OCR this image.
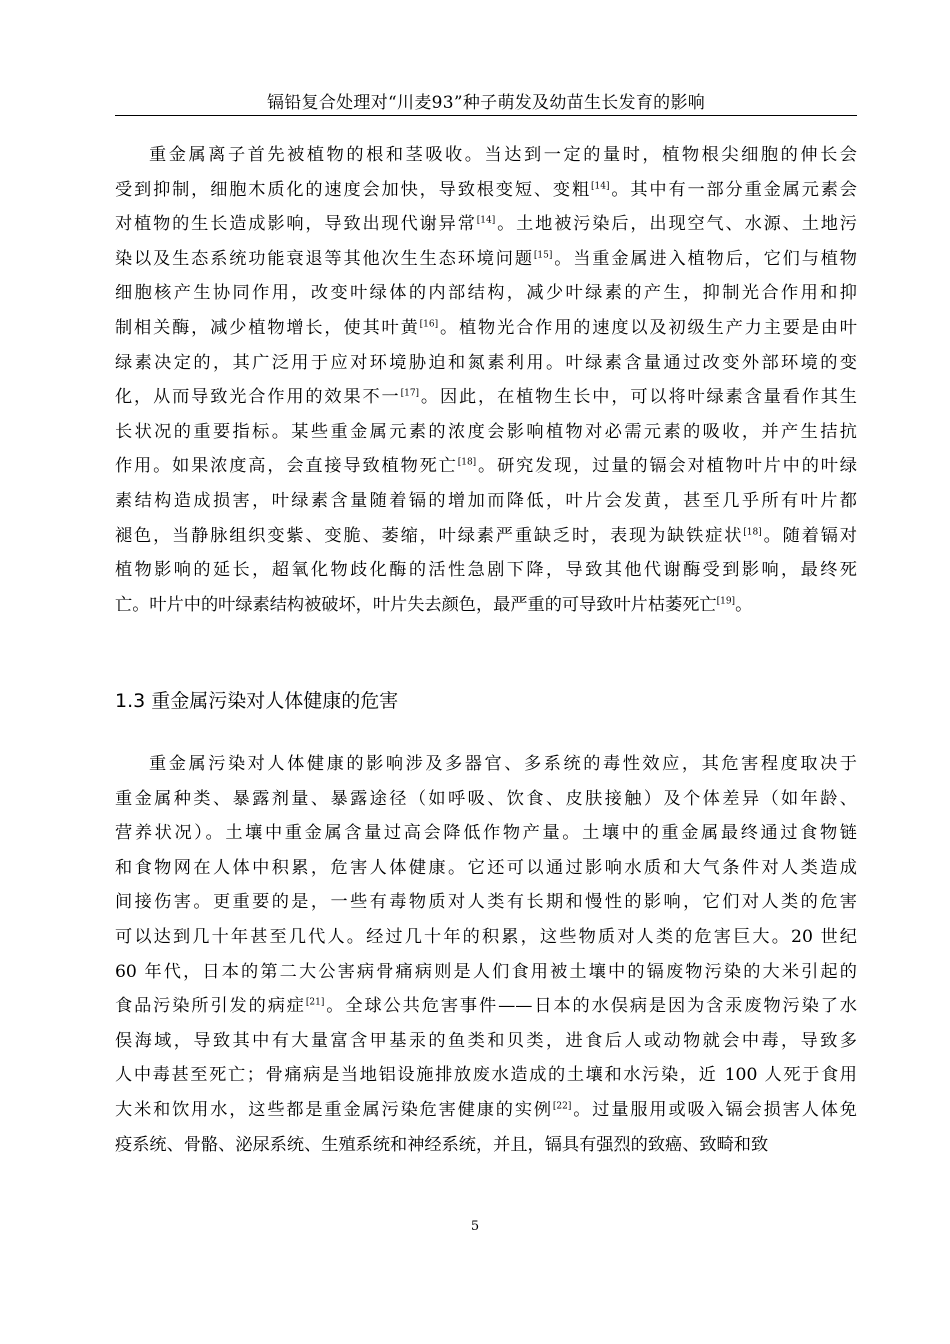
镉铅复合处理对“川麦93”种子萌发及幼苗生长发育的影响
重金属离子首先被植物的根和茎吸收。当达到一定的量时，植物根尖细胞的伸长会
受到抑制，细胞木质化的速度会加快，导致根变短、变粗[14]。其中有一部分重金属元素会
对植物的生长造成影响，导致出现代谢异常[14]。土地被污染后，出现空气、水源、土地污
染以及生态系统功能衰退等其他次生生态环境问题[15]。当重金属进入植物后，它们与植物
细胞核产生协同作用，改变叶绿体的内部结构，减少叶绿素的产生，抑制光合作用和抑
制相关酶，减少植物增长，使其叶黄[16]。植物光合作用的速度以及初级生产力主要是由叶
绿素决定的，其广泛用于应对环境胁迫和氮素利用。叶绿素含量通过改变外部环境的变
化，从而导致光合作用的效果不一[17]。因此，在植物生长中，可以将叶绿素含量看作其生
长状况的重要指标。某些重金属元素的浓度会影响植物对必需元素的吸收，并产生拮抗
作用。如果浓度高，会直接导致植物死亡[18]。研究发现，过量的镉会对植物叶片中的叶绿
素结构造成损害，叶绿素含量随着镉的增加而降低，叶片会发黄，甚至几乎所有叶片都
褪色，当静脉组织变紫、变脆、萎缩，叶绿素严重缺乏时，表现为缺铁症状[18]。随着镉对
植物影响的延长，超氧化物歧化酶的活性急剧下降，导致其他代谢酶受到影响，最终死
亡。叶片中的叶绿素结构被破坏，叶片失去颜色，最严重的可导致叶片枯萎死亡[19]。
1.3 重金属污染对人体健康的危害
重金属污染对人体健康的影响涉及多器官、多系统的毒性效应，其危害程度取决于
重金属种类、暴露剂量、暴露途径（如呼吸、饮食、皮肤接触）及个体差异（如年龄、
营养状况）。土壤中重金属含量过高会降低作物产量。土壤中的重金属最终通过食物链
和食物网在人体中积累，危害人体健康。它还可以通过影响水质和大气条件对人类造成
间接伤害。更重要的是，一些有毒物质对人类有长期和慢性的影响，它们对人类的危害
可以达到几十年甚至几代人。经过几十年的积累，这些物质对人类的危害巨大。20 世纪
60 年代，日本的第二大公害病骨痛病则是人们食用被土壤中的镉废物污染的大米引起的
食品污染所引发的病症[21]。全球公共危害事件——日本的水俣病是因为含汞废物污染了水
俣海域，导致其中有大量富含甲基汞的鱼类和贝类，进食后人或动物就会中毒，导致多
人中毒甚至死亡；骨痛病是当地铝设施排放废水造成的土壤和水污染，近 100 人死于食用
大米和饮用水，这些都是重金属污染危害健康的实例[22]。过量服用或吸入镉会损害人体免
疫系统、骨骼、泌尿系统、生殖系统和神经系统，并且，镉具有强烈的致癌、致畸和致
5
